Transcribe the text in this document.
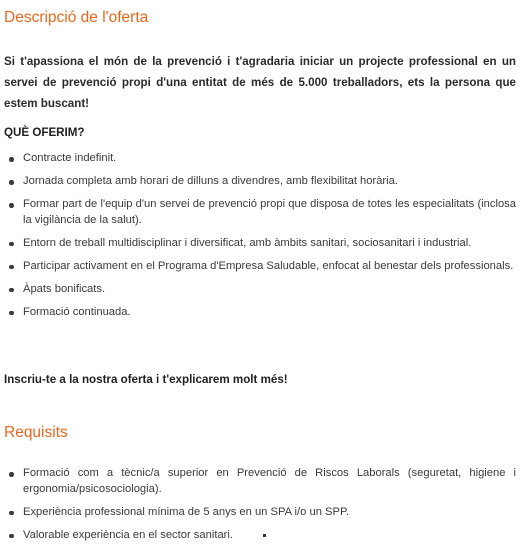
Descripció de l'oferta

Si t'apassiona el món de la prevenció i t'agradaria iniciar un projecte professional en un servei de prevenció propi d'una entitat de més de 5.000 treballadors, ets la persona que estem buscant!

QUÈ OFERIM?

Contracte indefinit.
Jornada completa amb horari de dilluns a divendres, amb flexibilitat horària.
Formar part de l'equip d'un servei de prevenció propi que disposa de totes les especialitats (inclosa la vigilància de la salut).
Entorn de treball multidisciplinar i diversificat, amb àmbits sanitari, sociosanitari i industrial.
Participar activament en el Programa d'Empresa Saludable, enfocat al benestar dels professionals.
Àpats bonificats.
Formació continuada.

Inscriu-te a la nostra oferta i t'explicarem molt més!

Requisits
Formació com a tècnic/a superior en Prevenció de Riscos Laborals (seguretat, higiene i ergonomia/psicosociologia).
Experiència professional mínima de 5 anys en un SPA i/o un SPP.
Valorable experiència en el sector sanitari.
